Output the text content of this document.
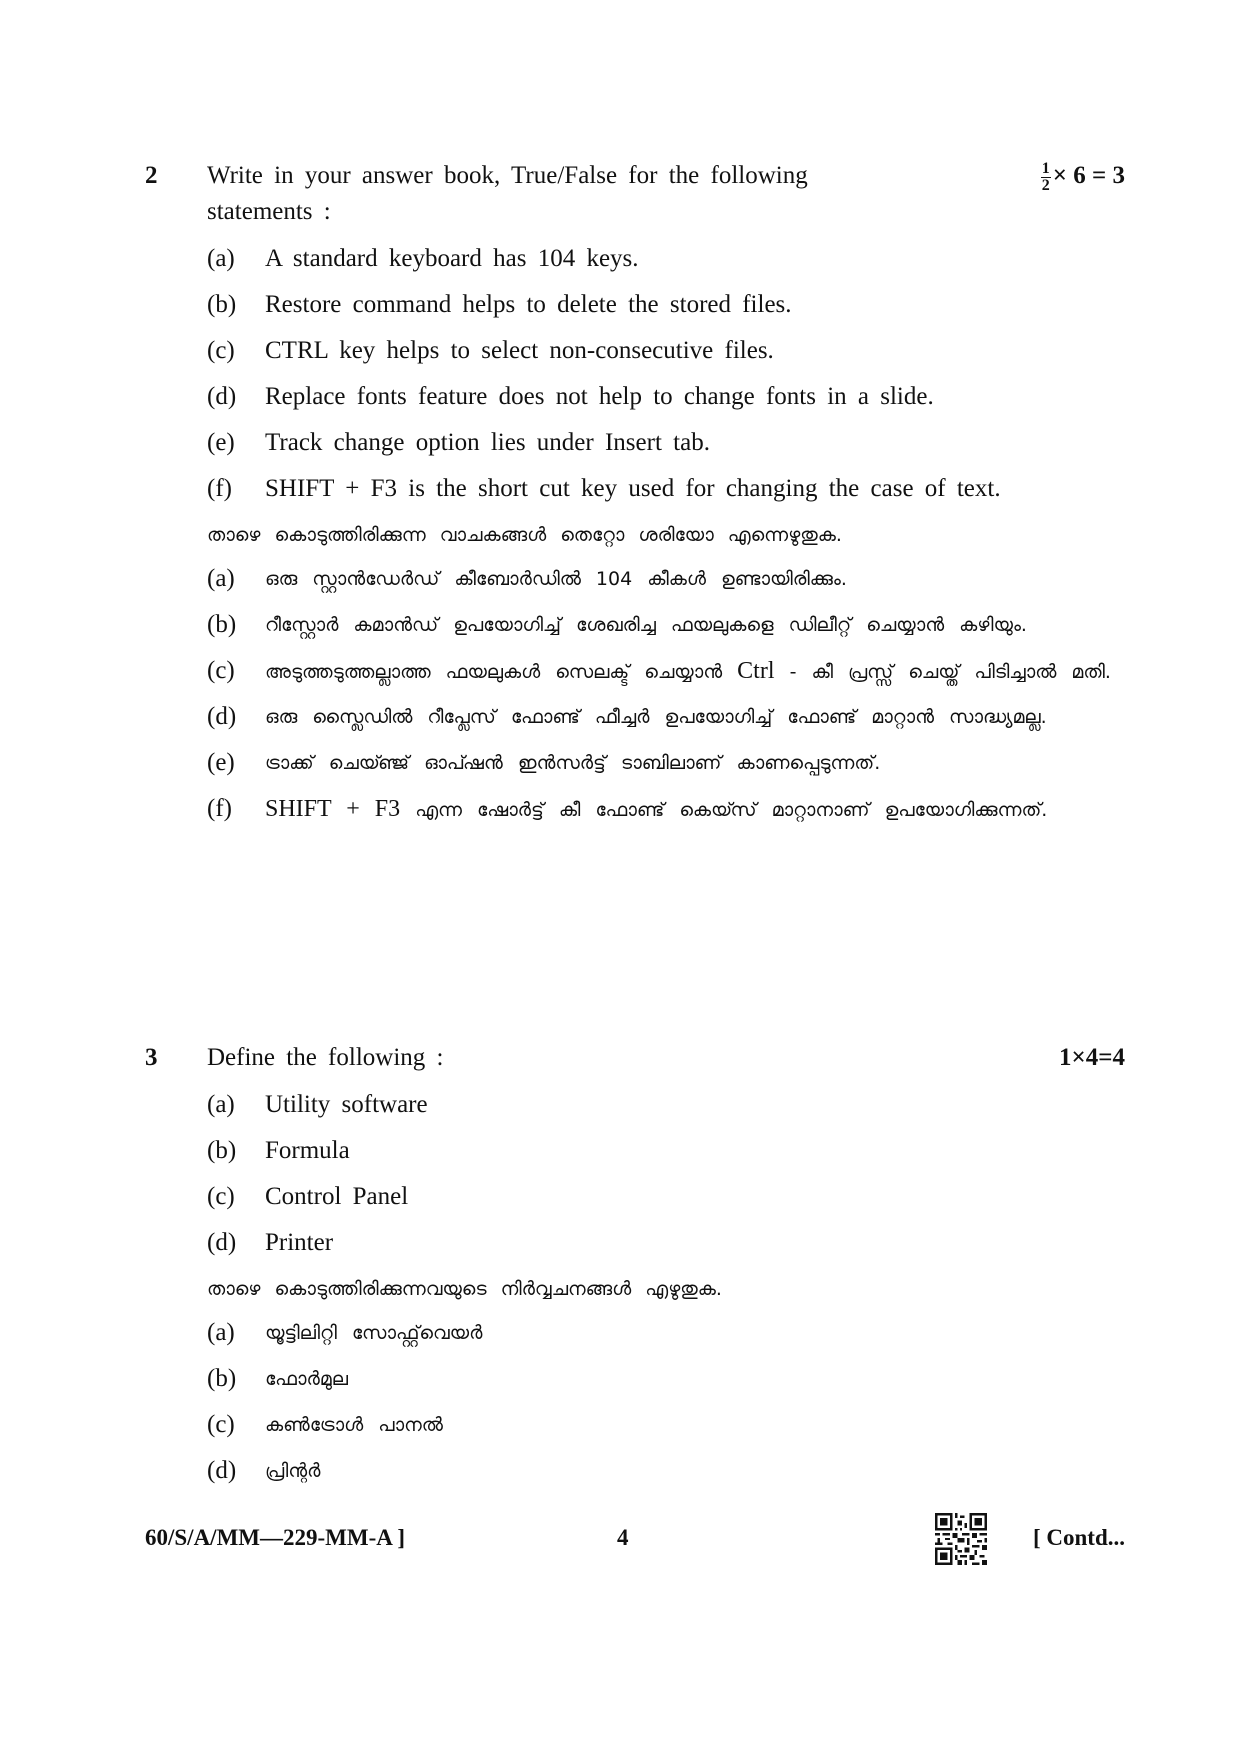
2	Write in your answer book, True/False for the following statements :
$\frac{1}{2} \times 6 = 3$
(a)	A standard keyboard has 104 keys.
(b)	Restore command helps to delete the stored files.
(c)	CTRL key helps to select non-consecutive files.
(d)	Replace fonts feature does not help to change fonts in a slide.
(e)	Track change option lies under Insert tab.
(f)	SHIFT + F3 is the short cut key used for changing the case of text.
താഴെ കൊടുത്തിരിക്കുന്ന വാചകങ്ങൾ തെറ്റോ ശരിയോ എന്നെഴുതുക.
(a)	ഒരു സ്റ്റാൻഡേർഡ് കീബോർഡിൽ 104 കീകൾ ഉണ്ടായിരിക്കും.
(b)	റീസ്റ്റോർ കമാൻഡ് ഉപയോഗിച്ച് ശേഖരിച്ച ഫയലുകളെ ഡിലീറ്റ് ചെയ്യാൻ കഴിയും.
(c)	അടുത്തടുത്തല്ലാത്ത ഫയലുകൾ സെലക്ട് ചെയ്യാൻ Ctrl - കീ പ്രസ്സ് ചെയ്ത് പിടിച്ചാൽ മതി.
(d)	ഒരു സ്ലൈഡിൽ റീപ്ലേസ് ഫോണ്ട് ഫീച്ചർ ഉപയോഗിച്ച് ഫോണ്ട് മാറ്റാൻ സാദ്ധ്യമല്ല.
(e)	ട്രാക്ക് ചെയ്ഞ്ജ് ഓപ്ഷൻ ഇൻസർട്ട് ടാബിലാണ് കാണപ്പെടുന്നത്.
(f)	SHIFT + F3 എന്ന ഷോർട്ട് കീ ഫോണ്ട് കെയ്സ് മാറ്റാനാണ് ഉപയോഗിക്കുന്നത്.
3	Define the following :	1×4=4
(a)	Utility software
(b)	Formula
(c)	Control Panel
(d)	Printer
താഴെ കൊടുത്തിരിക്കുന്നവയുടെ നിർവ്വചനങ്ങൾ എഴുതുക.
(a)	യൂട്ടിലിറ്റി സോഫ്റ്റ്‌വെയർ
(b)	ഫോർമുല
(c)	കൺട്രോൾ പാനൽ
(d)	പ്രിന്റർ
60/S/A/MM—229-MM-A ]	4	[ Contd...
